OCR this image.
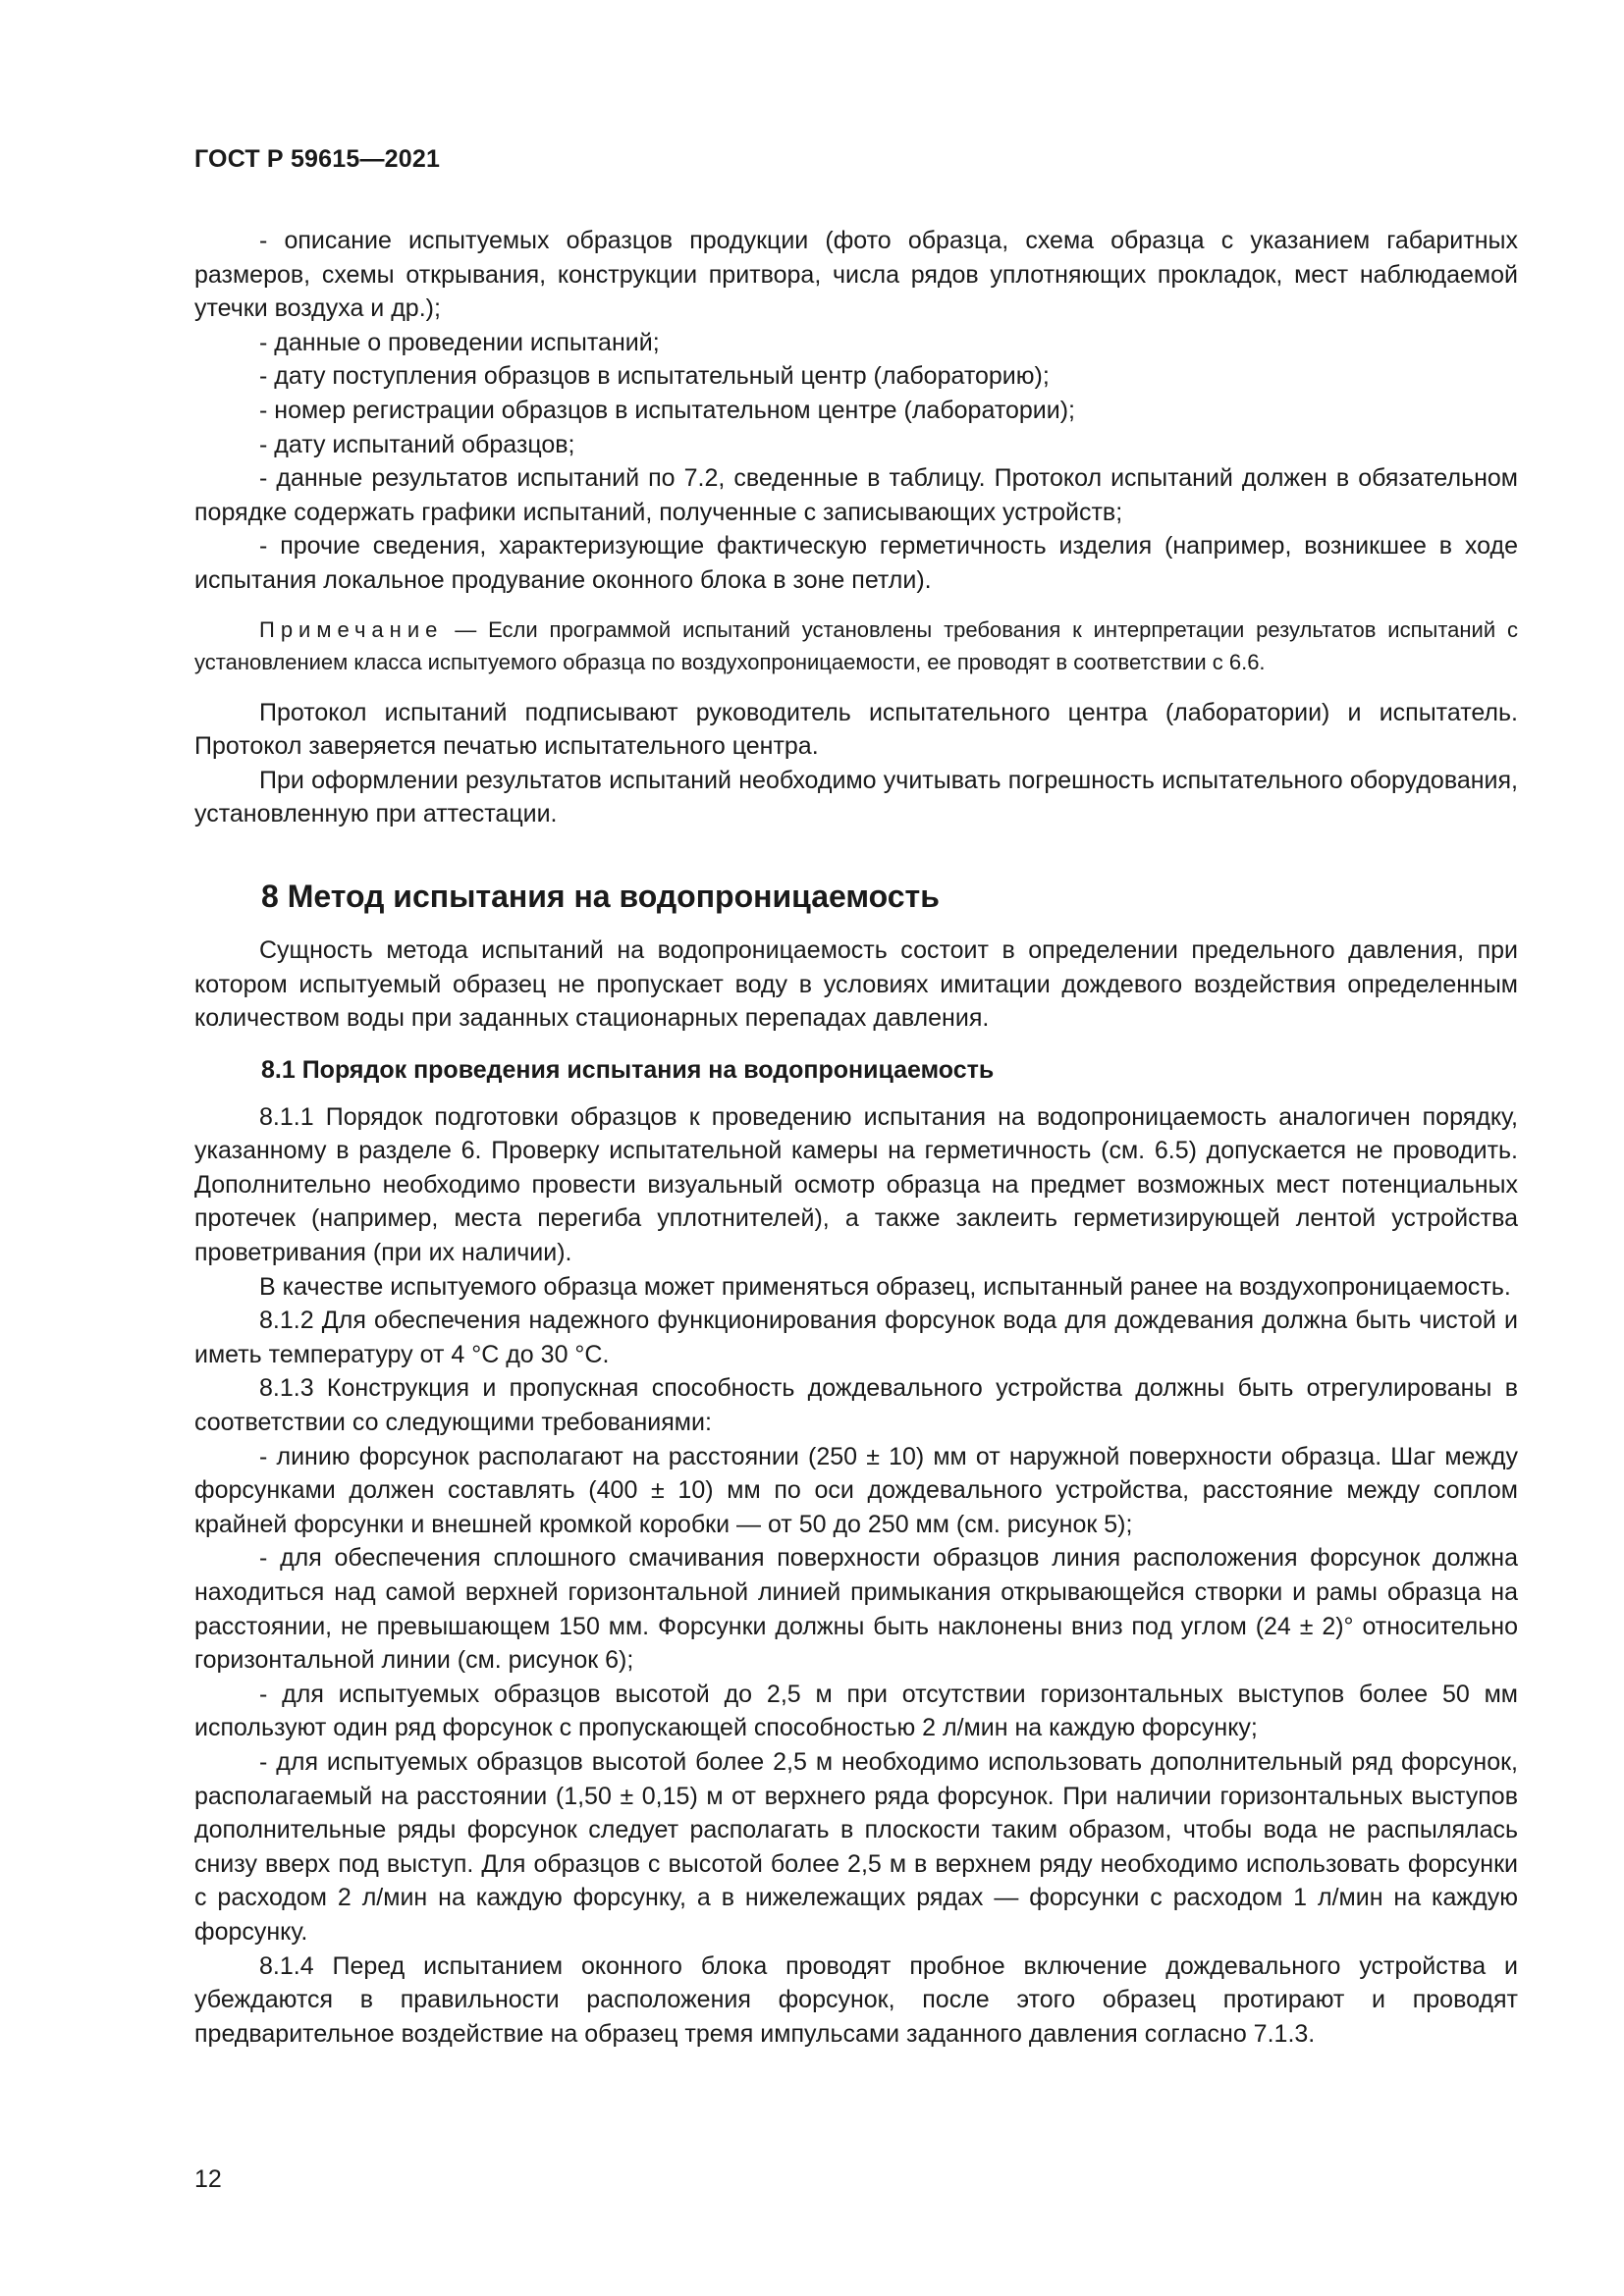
ГОСТ Р 59615—2021

- описание испытуемых образцов продукции (фото образца, схема образца с указанием габаритных размеров, схемы открывания, конструкции притвора, числа рядов уплотняющих прокладок, мест наблюдаемой утечки воздуха и др.);

- данные о проведении испытаний;

- дату поступления образцов в испытательный центр (лабораторию);

- номер регистрации образцов в испытательном центре (лаборатории);

- дату испытаний образцов;

- данные результатов испытаний по 7.2, сведенные в таблицу. Протокол испытаний должен в обязательном порядке содержать графики испытаний, полученные с записывающих устройств;

- прочие сведения, характеризующие фактическую герметичность изделия (например, возникшее в ходе испытания локальное продувание оконного блока в зоне петли).

Примечание — Если программой испытаний установлены требования к интерпретации результатов испытаний с установлением класса испытуемого образца по воздухопроницаемости, ее проводят в соответствии с 6.6.

Протокол испытаний подписывают руководитель испытательного центра (лаборатории) и испытатель. Протокол заверяется печатью испытательного центра.

При оформлении результатов испытаний необходимо учитывать погрешность испытательного оборудования, установленную при аттестации.

8 Метод испытания на водопроницаемость

Сущность метода испытаний на водопроницаемость состоит в определении предельного давления, при котором испытуемый образец не пропускает воду в условиях имитации дождевого воздействия определенным количеством воды при заданных стационарных перепадах давления.

8.1 Порядок проведения испытания на водопроницаемость

8.1.1 Порядок подготовки образцов к проведению испытания на водопроницаемость аналогичен порядку, указанному в разделе 6. Проверку испытательной камеры на герметичность (см. 6.5) допускается не проводить. Дополнительно необходимо провести визуальный осмотр образца на предмет возможных мест потенциальных протечек (например, места перегиба уплотнителей), а также заклеить герметизирующей лентой устройства проветривания (при их наличии).

В качестве испытуемого образца может применяться образец, испытанный ранее на воздухопроницаемость.

8.1.2 Для обеспечения надежного функционирования форсунок вода для дождевания должна быть чистой и иметь температуру от 4 °С до 30 °С.

8.1.3 Конструкция и пропускная способность дождевального устройства должны быть отрегулированы в соответствии со следующими требованиями:

- линию форсунок располагают на расстоянии (250 ± 10) мм от наружной поверхности образца. Шаг между форсунками должен составлять (400 ± 10) мм по оси дождевального устройства, расстояние между соплом крайней форсунки и внешней кромкой коробки — от 50 до 250 мм (см. рисунок 5);

- для обеспечения сплошного смачивания поверхности образцов линия расположения форсунок должна находиться над самой верхней горизонтальной линией примыкания открывающейся створки и рамы образца на расстоянии, не превышающем 150 мм. Форсунки должны быть наклонены вниз под углом (24 ± 2)° относительно горизонтальной линии (см. рисунок 6);

- для испытуемых образцов высотой до 2,5 м при отсутствии горизонтальных выступов более 50 мм используют один ряд форсунок с пропускающей способностью 2 л/мин на каждую форсунку;

- для испытуемых образцов высотой более 2,5 м необходимо использовать дополнительный ряд форсунок, располагаемый на расстоянии (1,50 ± 0,15) м от верхнего ряда форсунок. При наличии горизонтальных выступов дополнительные ряды форсунок следует располагать в плоскости таким образом, чтобы вода не распылялась снизу вверх под выступ. Для образцов с высотой более 2,5 м в верхнем ряду необходимо использовать форсунки с расходом 2 л/мин на каждую форсунку, а в нижележащих рядах — форсунки с расходом 1 л/мин на каждую форсунку.

8.1.4 Перед испытанием оконного блока проводят пробное включение дождевального устройства и убеждаются в правильности расположения форсунок, после этого образец протирают и проводят предварительное воздействие на образец тремя импульсами заданного давления согласно 7.1.3.

12
